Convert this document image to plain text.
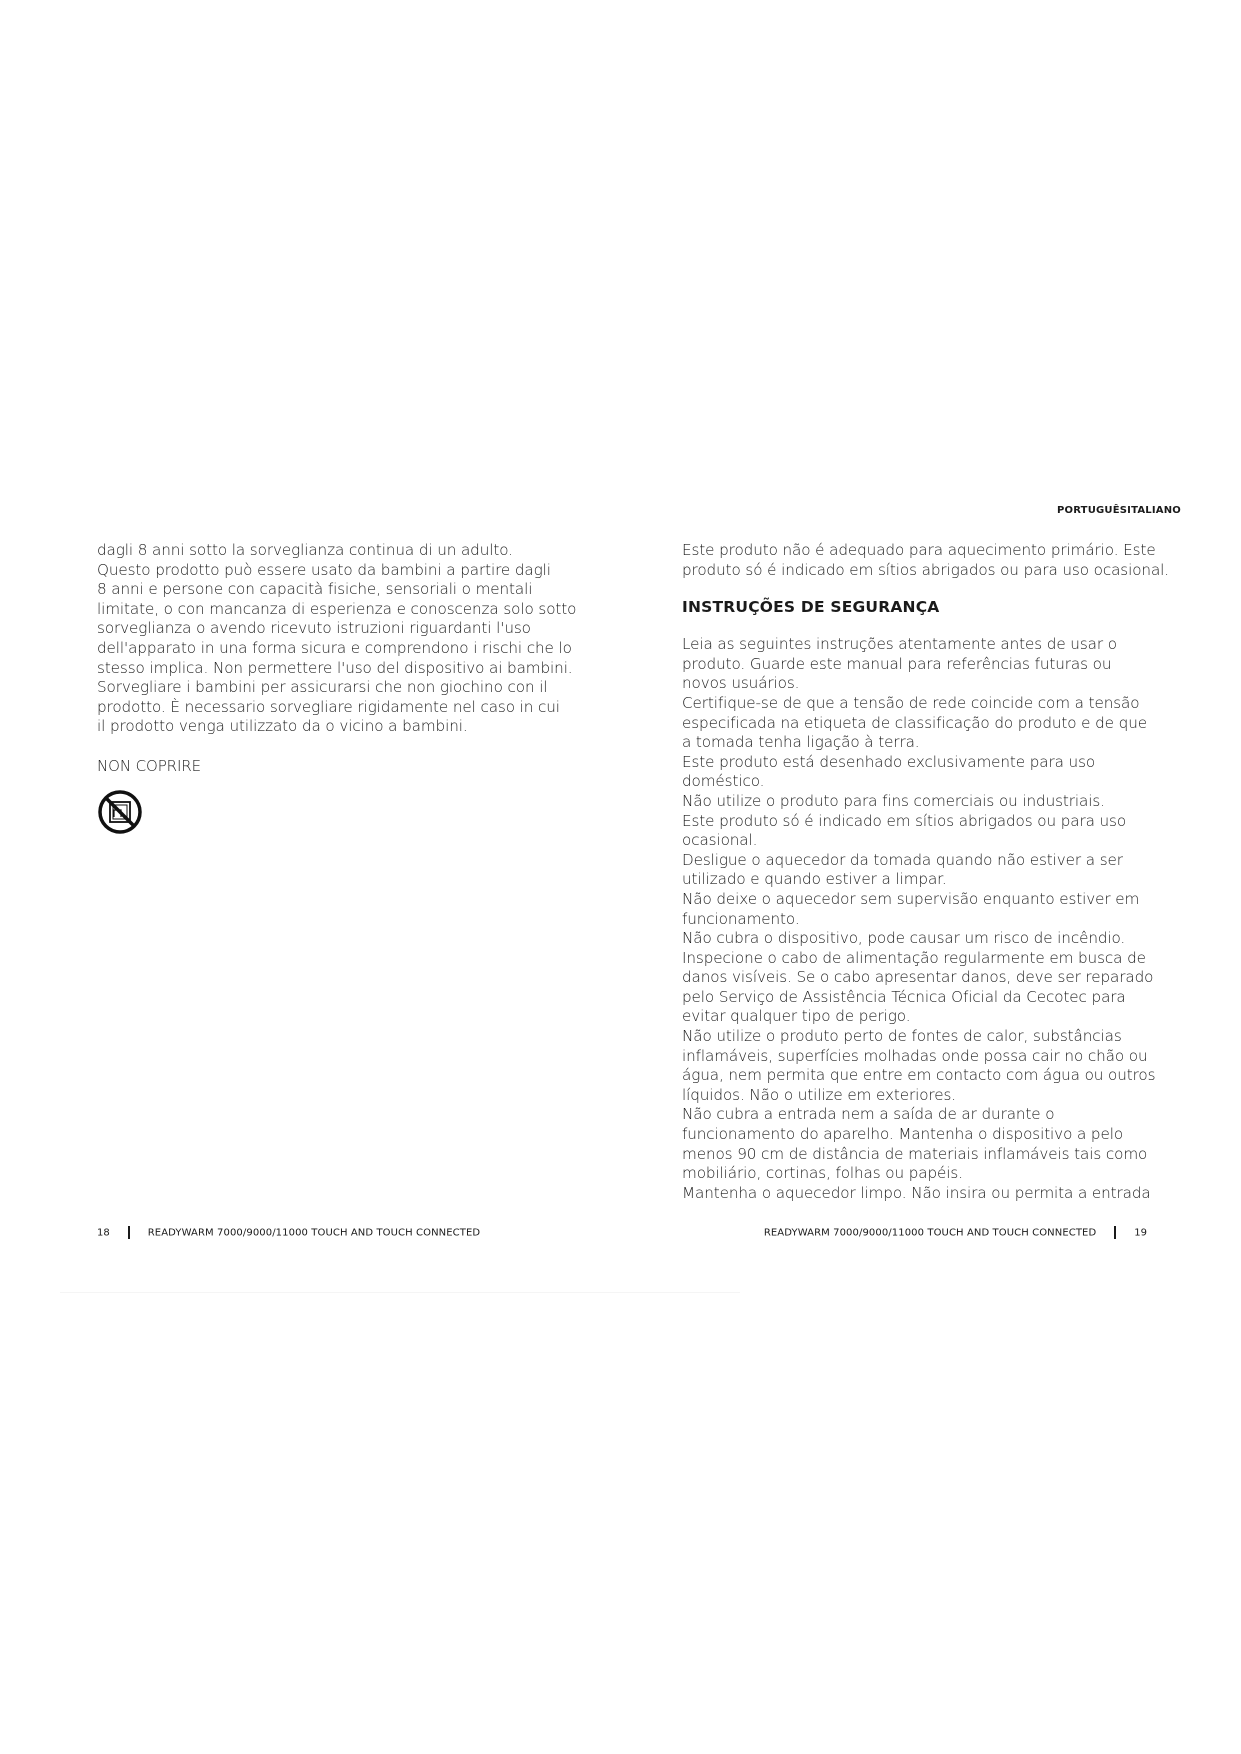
PORTUGUÊSITALIANO

dagli 8 anni sotto la sorveglianza continua di un adulto.
Questo prodotto può essere usato da bambini a partire dagli
8 anni e persone con capacità fisiche, sensoriali o mentali
limitate, o con mancanza di esperienza e conoscenza solo sotto
sorveglianza o avendo ricevuto istruzioni riguardanti l'uso
dell'apparato in una forma sicura e comprendono i rischi che lo
stesso implica. Non permettere l'uso del dispositivo ai bambini.
Sorvegliare i bambini per assicurarsi che non giochino con il
prodotto. È necessario sorvegliare rigidamente nel caso in cui
il prodotto venga utilizzato da o vicino a bambini.

NON COPRIRE

Este produto não é adequado para aquecimento primário. Este
produto só é indicado em sítios abrigados ou para uso ocasional.

INSTRUÇÕES DE SEGURANÇA

Leia as seguintes instruções atentamente antes de usar o
produto. Guarde este manual para referências futuras ou
novos usuários.
Certifique-se de que a tensão de rede coincide com a tensão
especificada na etiqueta de classificação do produto e de que
a tomada tenha ligação à terra.
Este produto está desenhado exclusivamente para uso doméstico.
Não utilize o produto para fins comerciais ou industriais.
Este produto só é indicado em sítios abrigados ou para uso
ocasional.
Desligue o aquecedor da tomada quando não estiver a ser
utilizado e quando estiver a limpar.
Não deixe o aquecedor sem supervisão enquanto estiver em
funcionamento.
Não cubra o dispositivo, pode causar um risco de incêndio.
Inspecione o cabo de alimentação regularmente em busca de
danos visíveis. Se o cabo apresentar danos, deve ser reparado
pelo Serviço de Assistência Técnica Oficial da Cecotec para
evitar qualquer tipo de perigo.
Não utilize o produto perto de fontes de calor, substâncias
inflamáveis, superfícies molhadas onde possa cair no chão ou
água, nem permita que entre em contacto com água ou outros
líquidos. Não o utilize em exteriores.
Não cubra a entrada nem a saída de ar durante o
funcionamento do aparelho. Mantenha o dispositivo a pelo
menos 90 cm de distância de materiais inflamáveis tais como
mobiliário, cortinas, folhas ou papéis.
Mantenha o aquecedor limpo. Não insira ou permita a entrada

18	READYWARM 7000/9000/11000 TOUCH AND TOUCH CONNECTED	READYWARM 7000/9000/11000 TOUCH AND TOUCH CONNECTED	19
